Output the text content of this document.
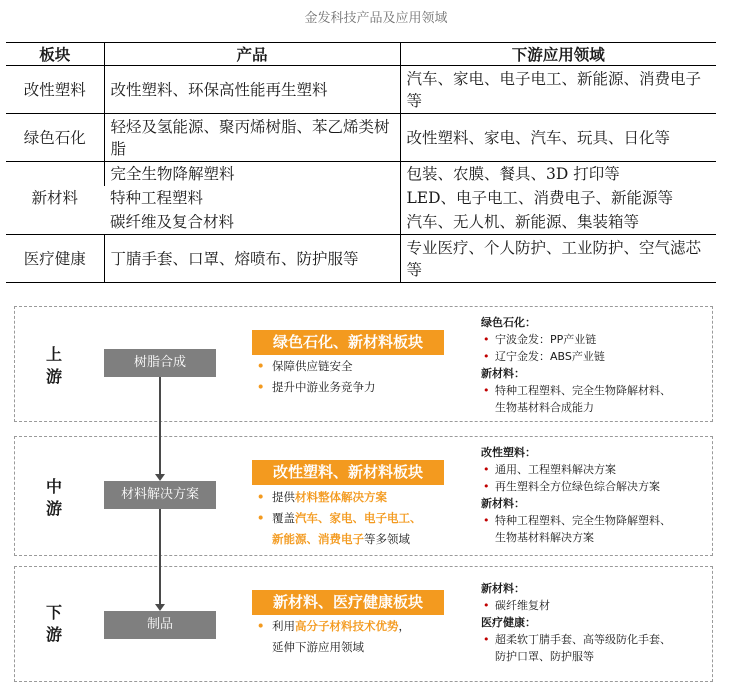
金发科技产品及应用领域
板块	产品	下游应用领域
改性塑料	改性塑料、环保高性能再生塑料	汽车、家电、电子电工、新能源、消费电子等
绿色石化	轻烃及氢能源、聚丙烯树脂、苯乙烯类树脂	改性塑料、家电、汽车、玩具、日化等
新材料	完全生物降解塑料	包装、农膜、餐具、3D 打印等
	特种工程塑料	LED、电子电工、消费电子、新能源等
	碳纤维及复合材料	汽车、无人机、新能源、集装箱等
医疗健康	丁腈手套、口罩、熔喷布、防护服等	专业医疗、个人防护、工业防护、空气滤芯等
上游
树脂合成
绿色石化、新材料板块
• 保障供应链安全
• 提升中游业务竞争力
绿色石化：
• 宁波金发：PP产业链
• 辽宁金发：ABS产业链
新材料：
• 特种工程塑料、完全生物降解材料、
生物基材料合成能力
中游
材料解决方案
改性塑料、新材料板块
• 提供材料整体解决方案
• 覆盖汽车、家电、电子电工、
新能源、消费电子等多领域
改性塑料：
• 通用、工程塑料解决方案
• 再生塑料全方位绿色综合解决方案
新材料：
• 特种工程塑料、完全生物降解塑料、
生物基材料解决方案
下游
制品
新材料、医疗健康板块
• 利用高分子材料技术优势，
延伸下游应用领域
新材料：
• 碳纤维复材
医疗健康：
• 超柔软丁腈手套、高等级防化手套、
防护口罩、防护服等
